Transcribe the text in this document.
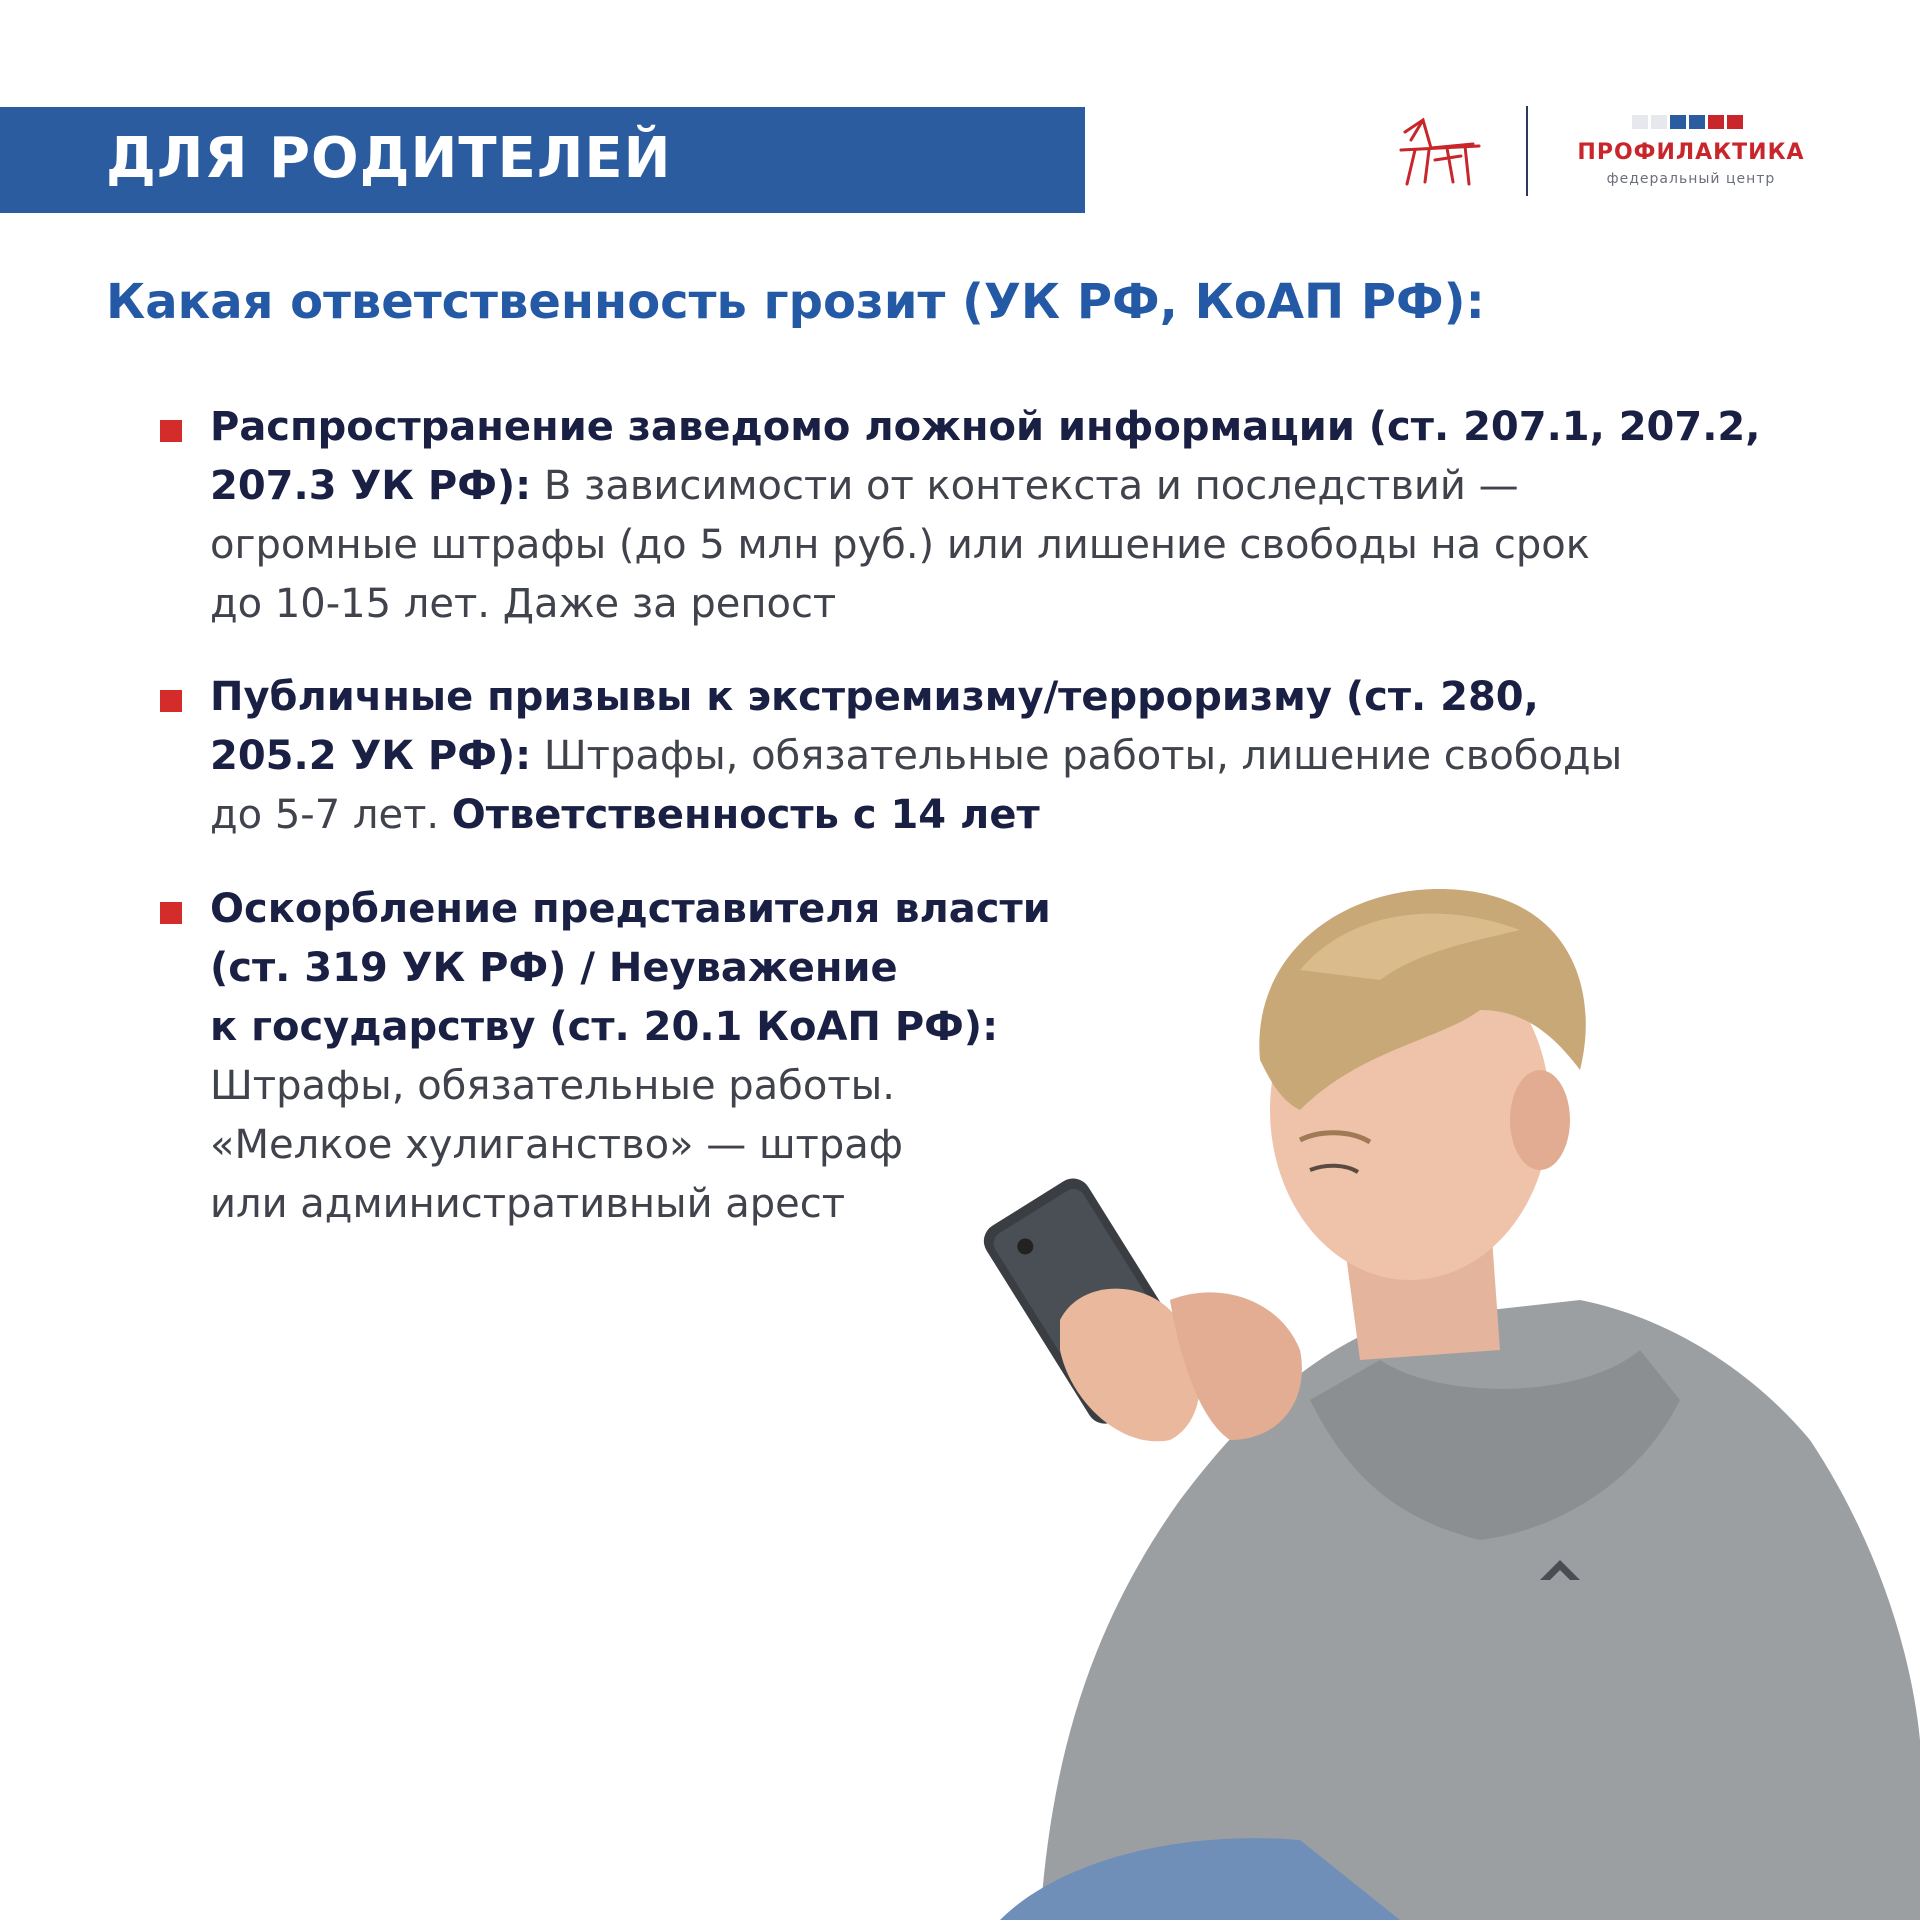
ДЛЯ РОДИТЕЛЕЙ	ПРОФИЛАКТИКА
федеральный центр
Какая ответственность грозит (УК РФ, КоАП РФ):
Распространение заведомо ложной информации (ст. 207.1, 207.2,
207.3 УК РФ): В зависимости от контекста и последствий —
огромные штрафы (до 5 млн руб.) или лишение свободы на срок
до 10-15 лет. Даже за репост
Публичные призывы к экстремизму/терроризму (ст. 280,
205.2 УК РФ): Штрафы, обязательные работы, лишение свободы
до 5-7 лет. Ответственность с 14 лет
Оскорбление представителя власти
(ст. 319 УК РФ) / Неуважение
к государству (ст. 20.1 КоАП РФ):
Штрафы, обязательные работы.
«Мелкое хулиганство» — штраф
или административный арест
